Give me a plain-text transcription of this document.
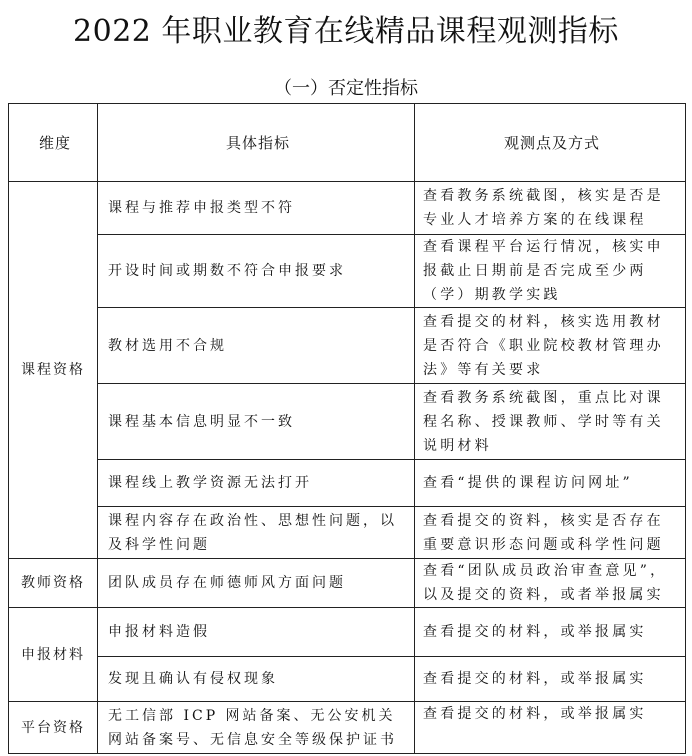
2022 年职业教育在线精品课程观测指标
（一）否定性指标
维度	具体指标	观测点及方式
课程资格	课程与推荐申报类型不符	查看教务系统截图，核实是否是专业人才培养方案的在线课程
	开设时间或期数不符合申报要求	查看课程平台运行情况，核实申报截止日期前是否完成至少两（学）期教学实践
	教材选用不合规	查看提交的材料，核实选用教材是否符合《职业院校教材管理办法》等有关要求
	课程基本信息明显不一致	查看教务系统截图，重点比对课程名称、授课教师、学时等有关说明材料
	课程线上教学资源无法打开	查看“提供的课程访问网址”
	课程内容存在政治性、思想性问题，以及科学性问题	查看提交的资料，核实是否存在重要意识形态问题或科学性问题
教师资格	团队成员存在师德师风方面问题	查看“团队成员政治审查意见”，以及提交的资料，或者举报属实
申报材料	申报材料造假	查看提交的材料，或举报属实
	发现且确认有侵权现象	查看提交的材料，或举报属实
平台资格	无工信部 ICP 网站备案、无公安机关网站备案号、无信息安全等级保护证书	查看提交的材料，或举报属实
